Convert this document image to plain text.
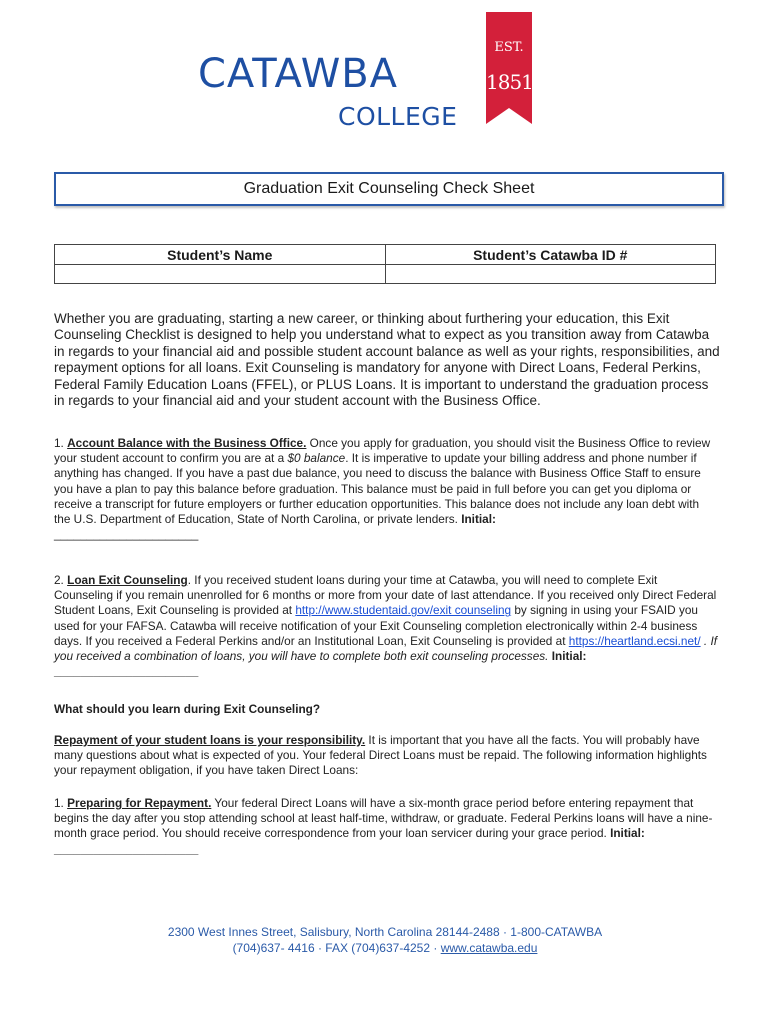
CATAWBA
COLLEGE
EST.
1851
Graduation Exit Counseling Check Sheet
Student’s Name	Student’s Catawba ID #

Whether you are graduating, starting a new career, or thinking about furthering your education, this Exit Counseling Checklist is designed to help you understand what to expect as you transition away from Catawba in regards to your financial aid and possible student account balance as well as your rights, responsibilities, and repayment options for all loans. Exit Counseling is mandatory for anyone with Direct Loans, Federal Perkins, Federal Family Education Loans (FFEL), or PLUS Loans. It is important to understand the graduation process in regards to your financial aid and your student account with the Business Office.

1. Account Balance with the Business Office. Once you apply for graduation, you should visit the Business Office to review your student account to confirm you are at a $0 balance. It is imperative to update your billing address and phone number if anything has changed. If you have a past due balance, you need to discuss the balance with Business Office Staff to ensure you have a plan to pay this balance before graduation. This balance must be paid in full before you can get you diploma or receive a transcript for future employers or further education opportunities. This balance does not include any loan debt with the U.S. Department of Education, State of North Carolina, or private lenders. Initial:
______________________

2. Loan Exit Counseling. If you received student loans during your time at Catawba, you will need to complete Exit Counseling if you remain unenrolled for 6 months or more from your date of last attendance. If you received only Direct Federal Student Loans, Exit Counseling is provided at http://www.studentaid.gov/exit counseling by signing in using your FSAID you used for your FAFSA. Catawba will receive notification of your Exit Counseling completion electronically within 2-4 business days. If you received a Federal Perkins and/or an Institutional Loan, Exit Counseling is provided at https://heartland.ecsi.net/ . If you received a combination of loans, you will have to complete both exit counseling processes. Initial: ______________________

What should you learn during Exit Counseling?

Repayment of your student loans is your responsibility. It is important that you have all the facts. You will probably have many questions about what is expected of you. Your federal Direct Loans must be repaid. The following information highlights your repayment obligation, if you have taken Direct Loans:

1. Preparing for Repayment. Your federal Direct Loans will have a six-month grace period before entering repayment that begins the day after you stop attending school at least half-time, withdraw, or graduate. Federal Perkins loans will have a nine-month grace period. You should receive correspondence from your loan servicer during your grace period. Initial: ______________________

2300 West Innes Street, Salisbury, North Carolina 28144-2488 · 1-800-CATAWBA
(704)637- 4416 · FAX (704)637-4252 · www.catawba.edu
